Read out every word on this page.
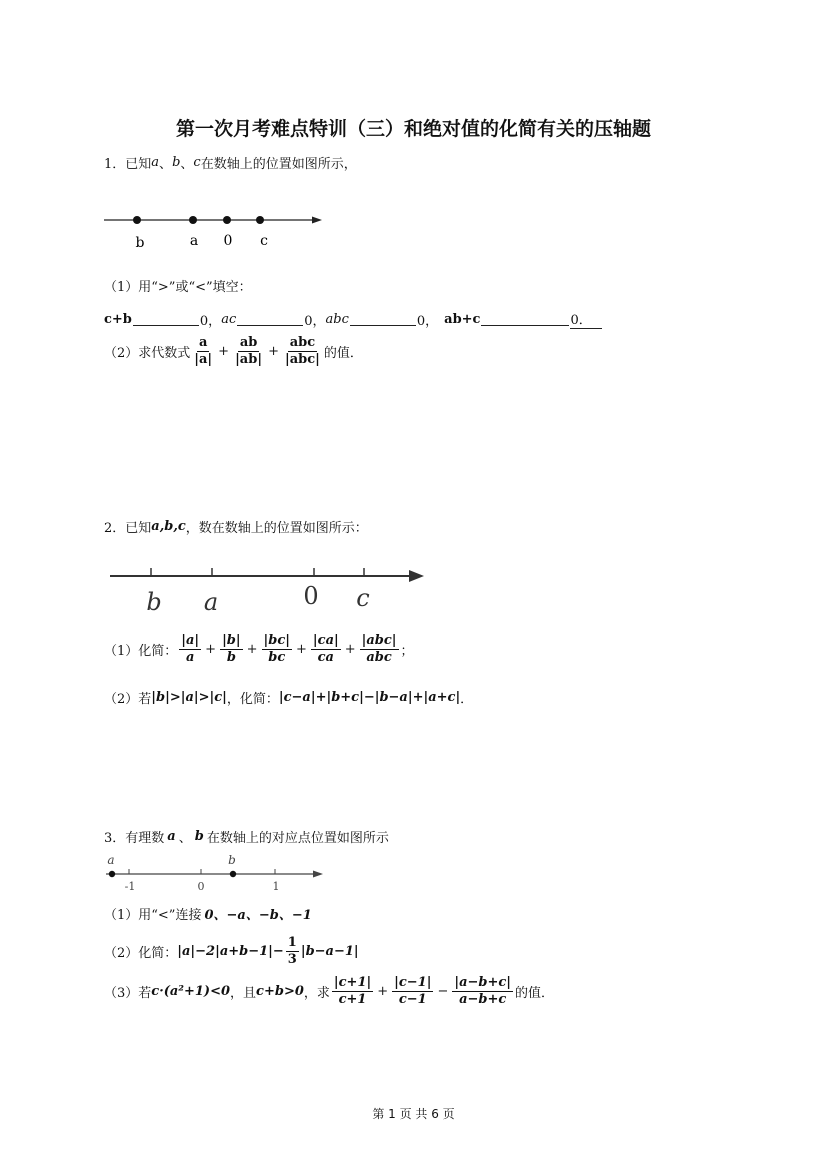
第一次月考难点特训（三）和绝对值的化简有关的压轴题
1．已知 a 、 b 、 c 在数轴上的位置如图所示，
b	a 0 c
（1）用“>”或“<”填空：
c+b	0， ac	0， abc	0， ab+c	0．
（2）求代数式 $\frac{a}{|a|} + \frac{ab}{|ab|} + \frac{\text{abc}}{\text{|abc|}}$ 的值．
2．已知 a,b,c ，数在数轴上的位置如图所示：
b a	0 c
（1）化简： $\frac{|a|}{a} + \frac{|b|}{b} + \frac{|bc|}{bc} + \frac{|ca|}{ca} + \frac{\text{|abc|}}{\text{abc}}$ ；
（2）若 |b|>|a|>|c| ，化简： |c−a|+|b+c|−|b−a|+|a+c| ．
3．有理数 a 、 b 在数轴上的对应点位置如图所示
a	b
-1	0	1
（1）用“<”连接 0、−a、−b、−1
（2）化简： $|a|-2|a+b-1|- \frac{1}{3} |b-a-1|$
（3）若 c·(a²+1)<0 ，且 c+b>0 ，求 $\frac{|c+1|}{c+1} + \frac{|c-1|}{c-1} - \frac{|a-b+c|}{a-b+c}$ 的值．
第 1 页 共 6 页
